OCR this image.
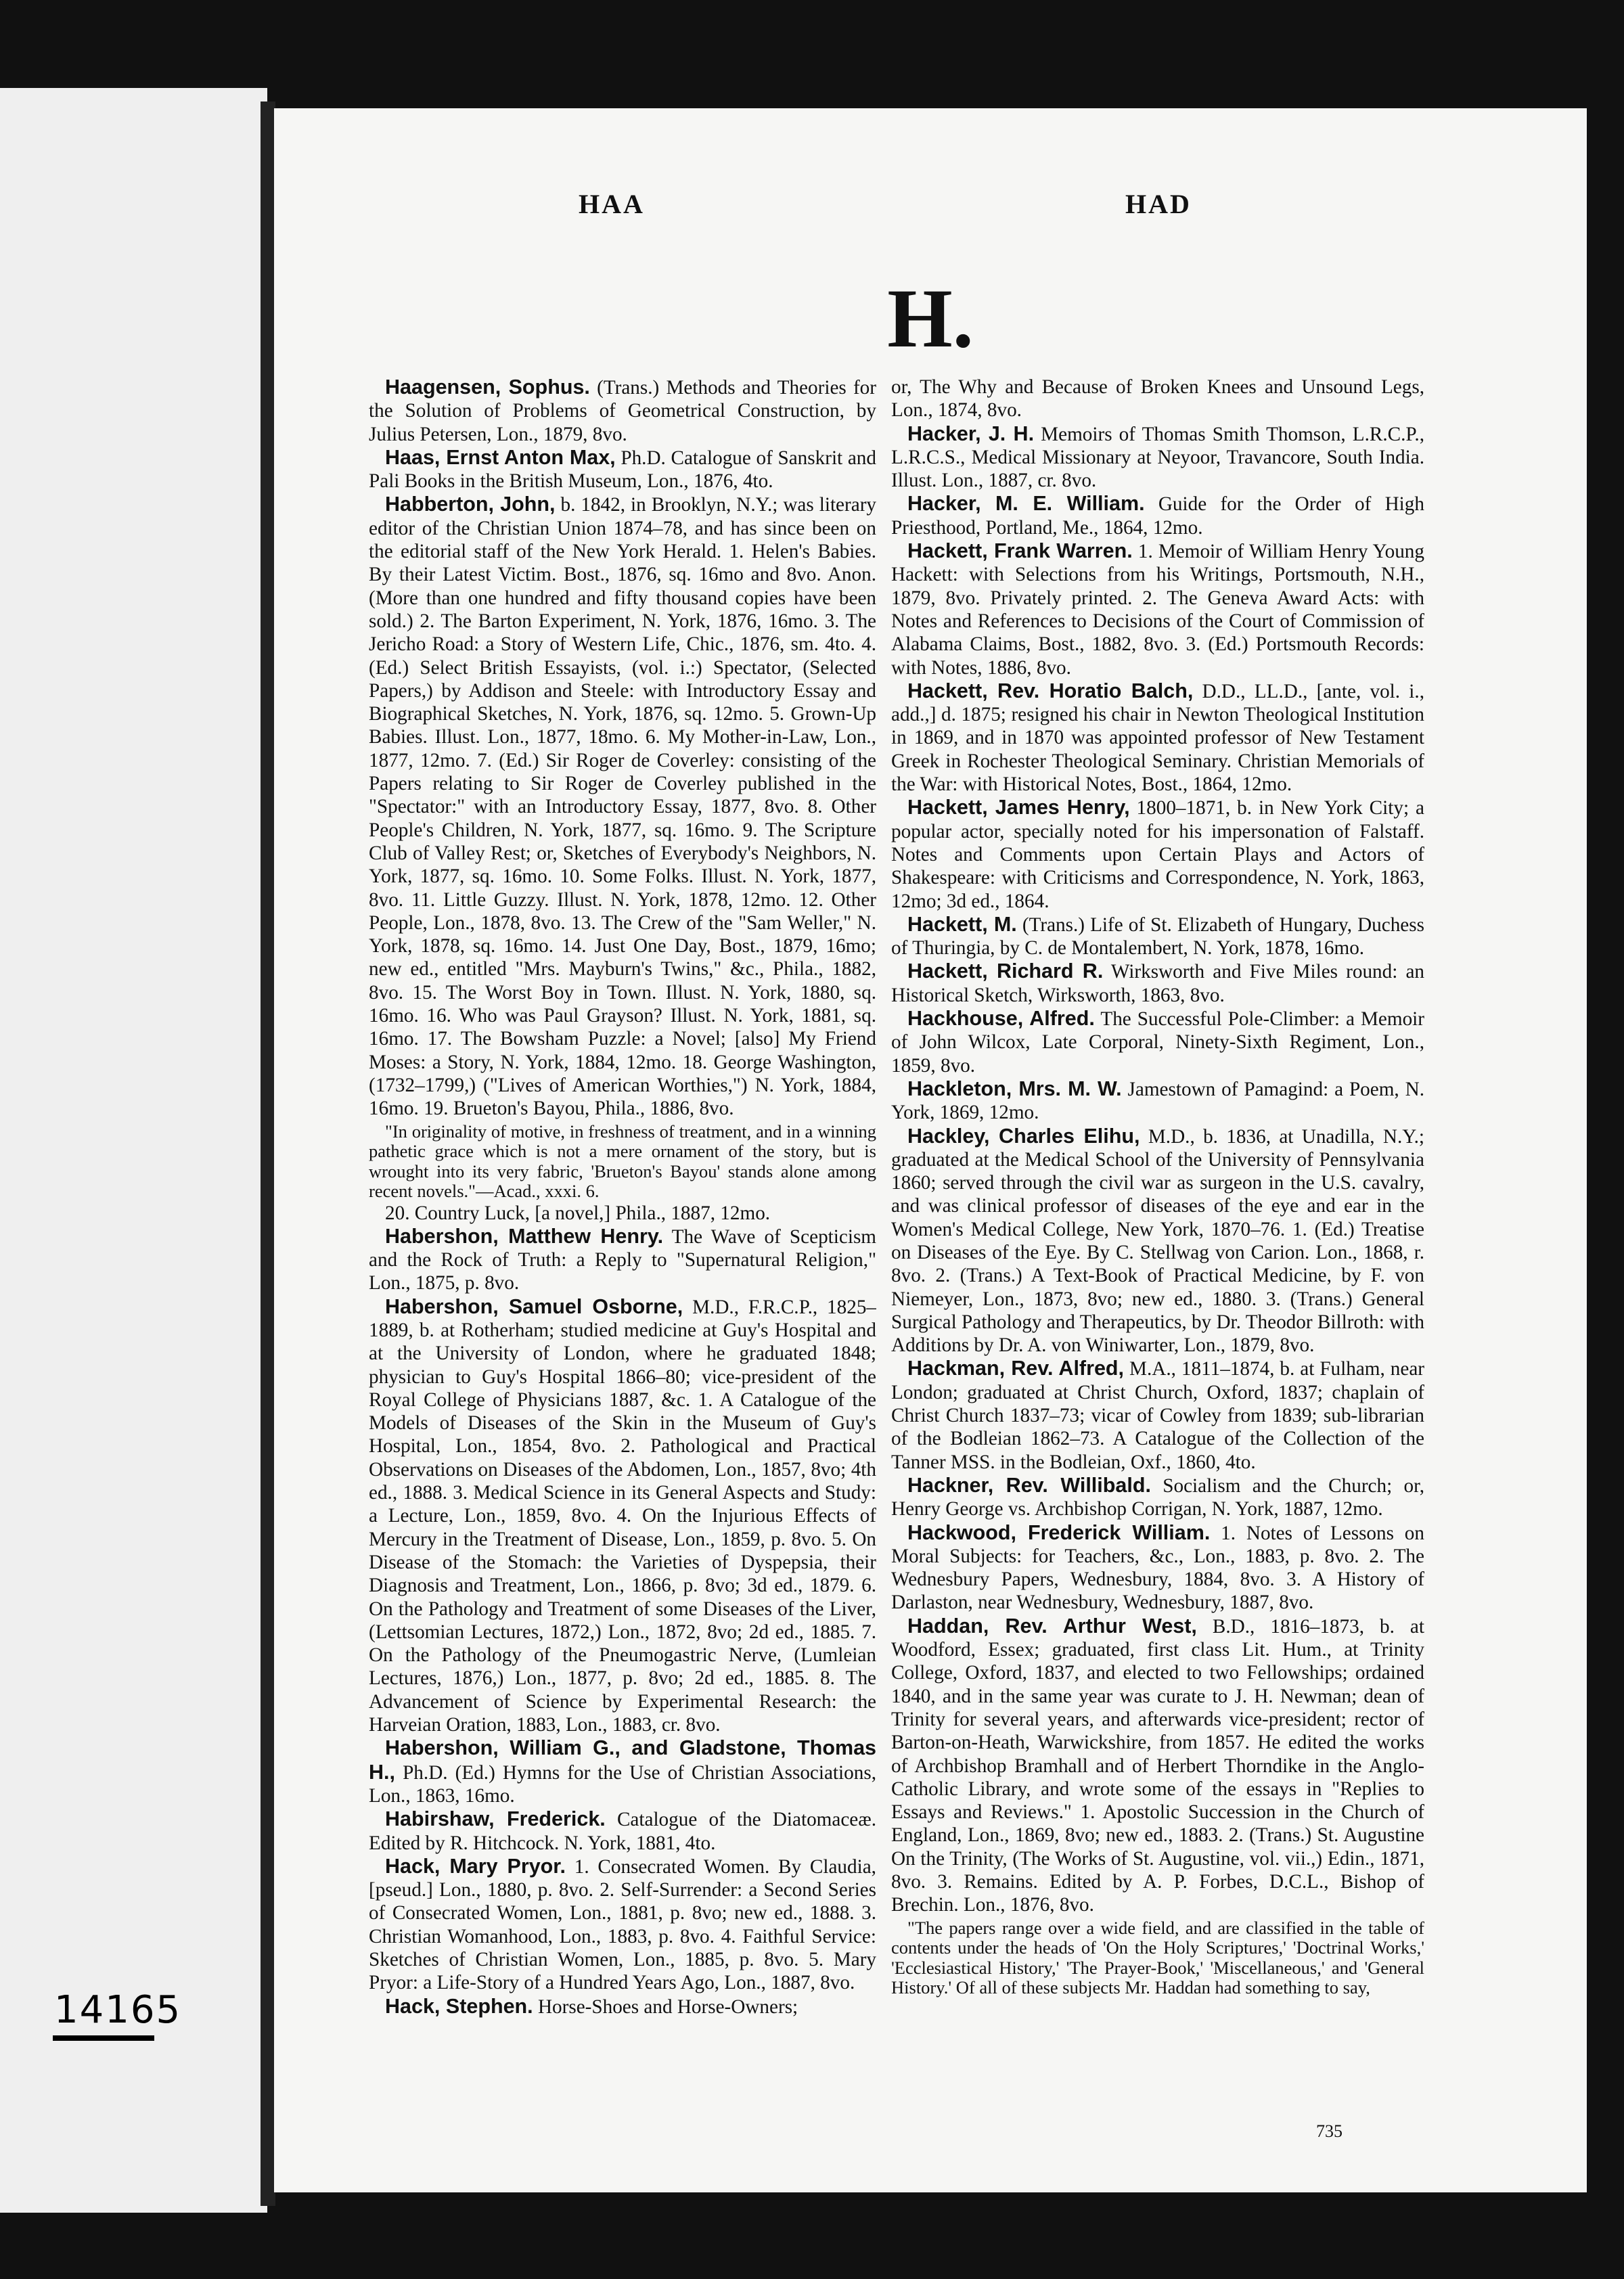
HAA	HAD
H.

Haagensen, Sophus. (Trans.) Methods and Theories for the Solution of Problems of Geometrical Construction, by Julius Petersen, Lon., 1879, 8vo.

Haas, Ernst Anton Max, Ph.D. Catalogue of Sanskrit and Pali Books in the British Museum, Lon., 1876, 4to.

Habberton, John, b. 1842, in Brooklyn, N.Y.; was literary editor of the Christian Union 1874–78, and has since been on the editorial staff of the New York Herald. 1. Helen's Babies. By their Latest Victim. Bost., 1876, sq. 16mo and 8vo. Anon. (More than one hundred and fifty thousand copies have been sold.) 2. The Barton Experiment, N. York, 1876, 16mo. 3. The Jericho Road: a Story of Western Life, Chic., 1876, sm. 4to. 4. (Ed.) Select British Essayists, (vol. i.:) Spectator, (Selected Papers,) by Addison and Steele: with Introductory Essay and Biographical Sketches, N. York, 1876, sq. 12mo. 5. Grown-Up Babies. Illust. Lon., 1877, 18mo. 6. My Mother-in-Law, Lon., 1877, 12mo. 7. (Ed.) Sir Roger de Coverley: consisting of the Papers relating to Sir Roger de Coverley published in the "Spectator:" with an Introductory Essay, 1877, 8vo. 8. Other People's Children, N. York, 1877, sq. 16mo. 9. The Scripture Club of Valley Rest; or, Sketches of Everybody's Neighbors, N. York, 1877, sq. 16mo. 10. Some Folks. Illust. N. York, 1877, 8vo. 11. Little Guzzy. Illust. N. York, 1878, 12mo. 12. Other People, Lon., 1878, 8vo. 13. The Crew of the "Sam Weller," N. York, 1878, sq. 16mo. 14. Just One Day, Bost., 1879, 16mo; new ed., entitled "Mrs. Mayburn's Twins," &c., Phila., 1882, 8vo. 15. The Worst Boy in Town. Illust. N. York, 1880, sq. 16mo. 16. Who was Paul Grayson? Illust. N. York, 1881, sq. 16mo. 17. The Bowsham Puzzle: a Novel; [also] My Friend Moses: a Story, N. York, 1884, 12mo. 18. George Washington, (1732–1799,) ("Lives of American Worthies,") N. York, 1884, 16mo. 19. Brueton's Bayou, Phila., 1886, 8vo.

"In originality of motive, in freshness of treatment, and in a winning pathetic grace which is not a mere ornament of the story, but is wrought into its very fabric, 'Brueton's Bayou' stands alone among recent novels."—Acad., xxxi. 6.

20. Country Luck, [a novel,] Phila., 1887, 12mo.

Habershon, Matthew Henry. The Wave of Scepticism and the Rock of Truth: a Reply to "Supernatural Religion," Lon., 1875, p. 8vo.

Habershon, Samuel Osborne, M.D., F.R.C.P., 1825–1889, b. at Rotherham; studied medicine at Guy's Hospital and at the University of London, where he graduated 1848; physician to Guy's Hospital 1866–80; vice-president of the Royal College of Physicians 1887, &c. 1. A Catalogue of the Models of Diseases of the Skin in the Museum of Guy's Hospital, Lon., 1854, 8vo. 2. Pathological and Practical Observations on Diseases of the Abdomen, Lon., 1857, 8vo; 4th ed., 1888. 3. Medical Science in its General Aspects and Study: a Lecture, Lon., 1859, 8vo. 4. On the Injurious Effects of Mercury in the Treatment of Disease, Lon., 1859, p. 8vo. 5. On Disease of the Stomach: the Varieties of Dyspepsia, their Diagnosis and Treatment, Lon., 1866, p. 8vo; 3d ed., 1879. 6. On the Pathology and Treatment of some Diseases of the Liver, (Lettsomian Lectures, 1872,) Lon., 1872, 8vo; 2d ed., 1885. 7. On the Pathology of the Pneumogastric Nerve, (Lumleian Lectures, 1876,) Lon., 1877, p. 8vo; 2d ed., 1885. 8. The Advancement of Science by Experimental Research: the Harveian Oration, 1883, Lon., 1883, cr. 8vo.

Habershon, William G., and Gladstone, Thomas H., Ph.D. (Ed.) Hymns for the Use of Christian Associations, Lon., 1863, 16mo.

Habirshaw, Frederick. Catalogue of the Diatomaceæ. Edited by R. Hitchcock. N. York, 1881, 4to.

Hack, Mary Pryor. 1. Consecrated Women. By Claudia, [pseud.] Lon., 1880, p. 8vo. 2. Self-Surrender: a Second Series of Consecrated Women, Lon., 1881, p. 8vo; new ed., 1888. 3. Christian Womanhood, Lon., 1883, p. 8vo. 4. Faithful Service: Sketches of Christian Women, Lon., 1885, p. 8vo. 5. Mary Pryor: a Life-Story of a Hundred Years Ago, Lon., 1887, 8vo.

Hack, Stephen. Horse-Shoes and Horse-Owners;

or, The Why and Because of Broken Knees and Unsound Legs, Lon., 1874, 8vo.

Hacker, J. H. Memoirs of Thomas Smith Thomson, L.R.C.P., L.R.C.S., Medical Missionary at Neyoor, Travancore, South India. Illust. Lon., 1887, cr. 8vo.

Hacker, M. E. William. Guide for the Order of High Priesthood, Portland, Me., 1864, 12mo.

Hackett, Frank Warren. 1. Memoir of William Henry Young Hackett: with Selections from his Writings, Portsmouth, N.H., 1879, 8vo. Privately printed. 2. The Geneva Award Acts: with Notes and References to Decisions of the Court of Commission of Alabama Claims, Bost., 1882, 8vo. 3. (Ed.) Portsmouth Records: with Notes, 1886, 8vo.

Hackett, Rev. Horatio Balch, D.D., LL.D., [ante, vol. i., add.,] d. 1875; resigned his chair in Newton Theological Institution in 1869, and in 1870 was appointed professor of New Testament Greek in Rochester Theological Seminary. Christian Memorials of the War: with Historical Notes, Bost., 1864, 12mo.

Hackett, James Henry, 1800–1871, b. in New York City; a popular actor, specially noted for his impersonation of Falstaff. Notes and Comments upon Certain Plays and Actors of Shakespeare: with Criticisms and Correspondence, N. York, 1863, 12mo; 3d ed., 1864.

Hackett, M. (Trans.) Life of St. Elizabeth of Hungary, Duchess of Thuringia, by C. de Montalembert, N. York, 1878, 16mo.

Hackett, Richard R. Wirksworth and Five Miles round: an Historical Sketch, Wirksworth, 1863, 8vo.

Hackhouse, Alfred. The Successful Pole-Climber: a Memoir of John Wilcox, Late Corporal, Ninety-Sixth Regiment, Lon., 1859, 8vo.

Hackleton, Mrs. M. W. Jamestown of Pamagind: a Poem, N. York, 1869, 12mo.

Hackley, Charles Elihu, M.D., b. 1836, at Unadilla, N.Y.; graduated at the Medical School of the University of Pennsylvania 1860; served through the civil war as surgeon in the U.S. cavalry, and was clinical professor of diseases of the eye and ear in the Women's Medical College, New York, 1870–76. 1. (Ed.) Treatise on Diseases of the Eye. By C. Stellwag von Carion. Lon., 1868, r. 8vo. 2. (Trans.) A Text-Book of Practical Medicine, by F. von Niemeyer, Lon., 1873, 8vo; new ed., 1880. 3. (Trans.) General Surgical Pathology and Therapeutics, by Dr. Theodor Billroth: with Additions by Dr. A. von Winiwarter, Lon., 1879, 8vo.

Hackman, Rev. Alfred, M.A., 1811–1874, b. at Fulham, near London; graduated at Christ Church, Oxford, 1837; chaplain of Christ Church 1837–73; vicar of Cowley from 1839; sub-librarian of the Bodleian 1862–73. A Catalogue of the Collection of the Tanner MSS. in the Bodleian, Oxf., 1860, 4to.

Hackner, Rev. Willibald. Socialism and the Church; or, Henry George vs. Archbishop Corrigan, N. York, 1887, 12mo.

Hackwood, Frederick William. 1. Notes of Lessons on Moral Subjects: for Teachers, &c., Lon., 1883, p. 8vo. 2. The Wednesbury Papers, Wednesbury, 1884, 8vo. 3. A History of Darlaston, near Wednesbury, Wednesbury, 1887, 8vo.

Haddan, Rev. Arthur West, B.D., 1816–1873, b. at Woodford, Essex; graduated, first class Lit. Hum., at Trinity College, Oxford, 1837, and elected to two Fellowships; ordained 1840, and in the same year was curate to J. H. Newman; dean of Trinity for several years, and afterwards vice-president; rector of Barton-on-Heath, Warwickshire, from 1857. He edited the works of Archbishop Bramhall and of Herbert Thorndike in the Anglo-Catholic Library, and wrote some of the essays in "Replies to Essays and Reviews." 1. Apostolic Succession in the Church of England, Lon., 1869, 8vo; new ed., 1883. 2. (Trans.) St. Augustine On the Trinity, (The Works of St. Augustine, vol. vii.,) Edin., 1871, 8vo. 3. Remains. Edited by A. P. Forbes, D.C.L., Bishop of Brechin. Lon., 1876, 8vo.

"The papers range over a wide field, and are classified in the table of contents under the heads of 'On the Holy Scriptures,' 'Doctrinal Works,' 'Ecclesiastical History,' 'The Prayer-Book,' 'Miscellaneous,' and 'General History.' Of all of these subjects Mr. Haddan had something to say,

735
14165
